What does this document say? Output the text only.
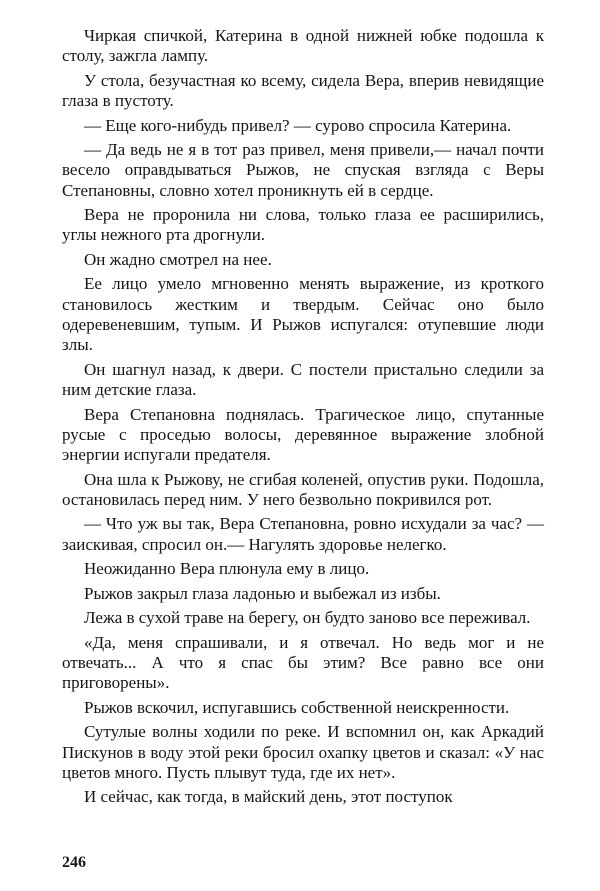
Чиркая спичкой, Катерина в одной нижней юбке подошла к столу, зажгла лампу.

У стола, безучастная ко всему, сидела Вера, вперив невидящие глаза в пустоту.

— Еще кого-нибудь привел? — сурово спросила Катерина.

— Да ведь не я в тот раз привел, меня привели,— начал почти весело оправдываться Рыжов, не спуская взгляда с Веры Степановны, словно хотел проникнуть ей в сердце.

Вера не проронила ни слова, только глаза ее расширились, углы нежного рта дрогнули.

Он жадно смотрел на нее.

Ее лицо умело мгновенно менять выражение, из кроткого становилось жестким и твердым. Сейчас оно было одеревеневшим, тупым. И Рыжов испугался: отупевшие люди злы.

Он шагнул назад, к двери. С постели пристально следили за ним детские глаза.

Вера Степановна поднялась. Трагическое лицо, спутанные русые с проседью волосы, деревянное выражение злобной энергии испугали предателя.

Она шла к Рыжову, не сгибая коленей, опустив руки. Подошла, остановилась перед ним. У него безвольно покривился рот.

— Что уж вы так, Вера Степановна, ровно исхудали за час? — заискивая, спросил он.— Нагулять здоровье нелегко.

Неожиданно Вера плюнула ему в лицо.

Рыжов закрыл глаза ладонью и выбежал из избы.

Лежа в сухой траве на берегу, он будто заново все переживал.

«Да, меня спрашивали, и я отвечал. Но ведь мог и не отвечать... А что я спас бы этим? Все равно все они приговорены».

Рыжов вскочил, испугавшись собственной неискренности.

Сутулые волны ходили по реке. И вспомнил он, как Аркадий Пискунов в воду этой реки бросил охапку цветов и сказал: «У нас цветов много. Пусть плывут туда, где их нет».

И сейчас, как тогда, в майский день, этот поступок

246
